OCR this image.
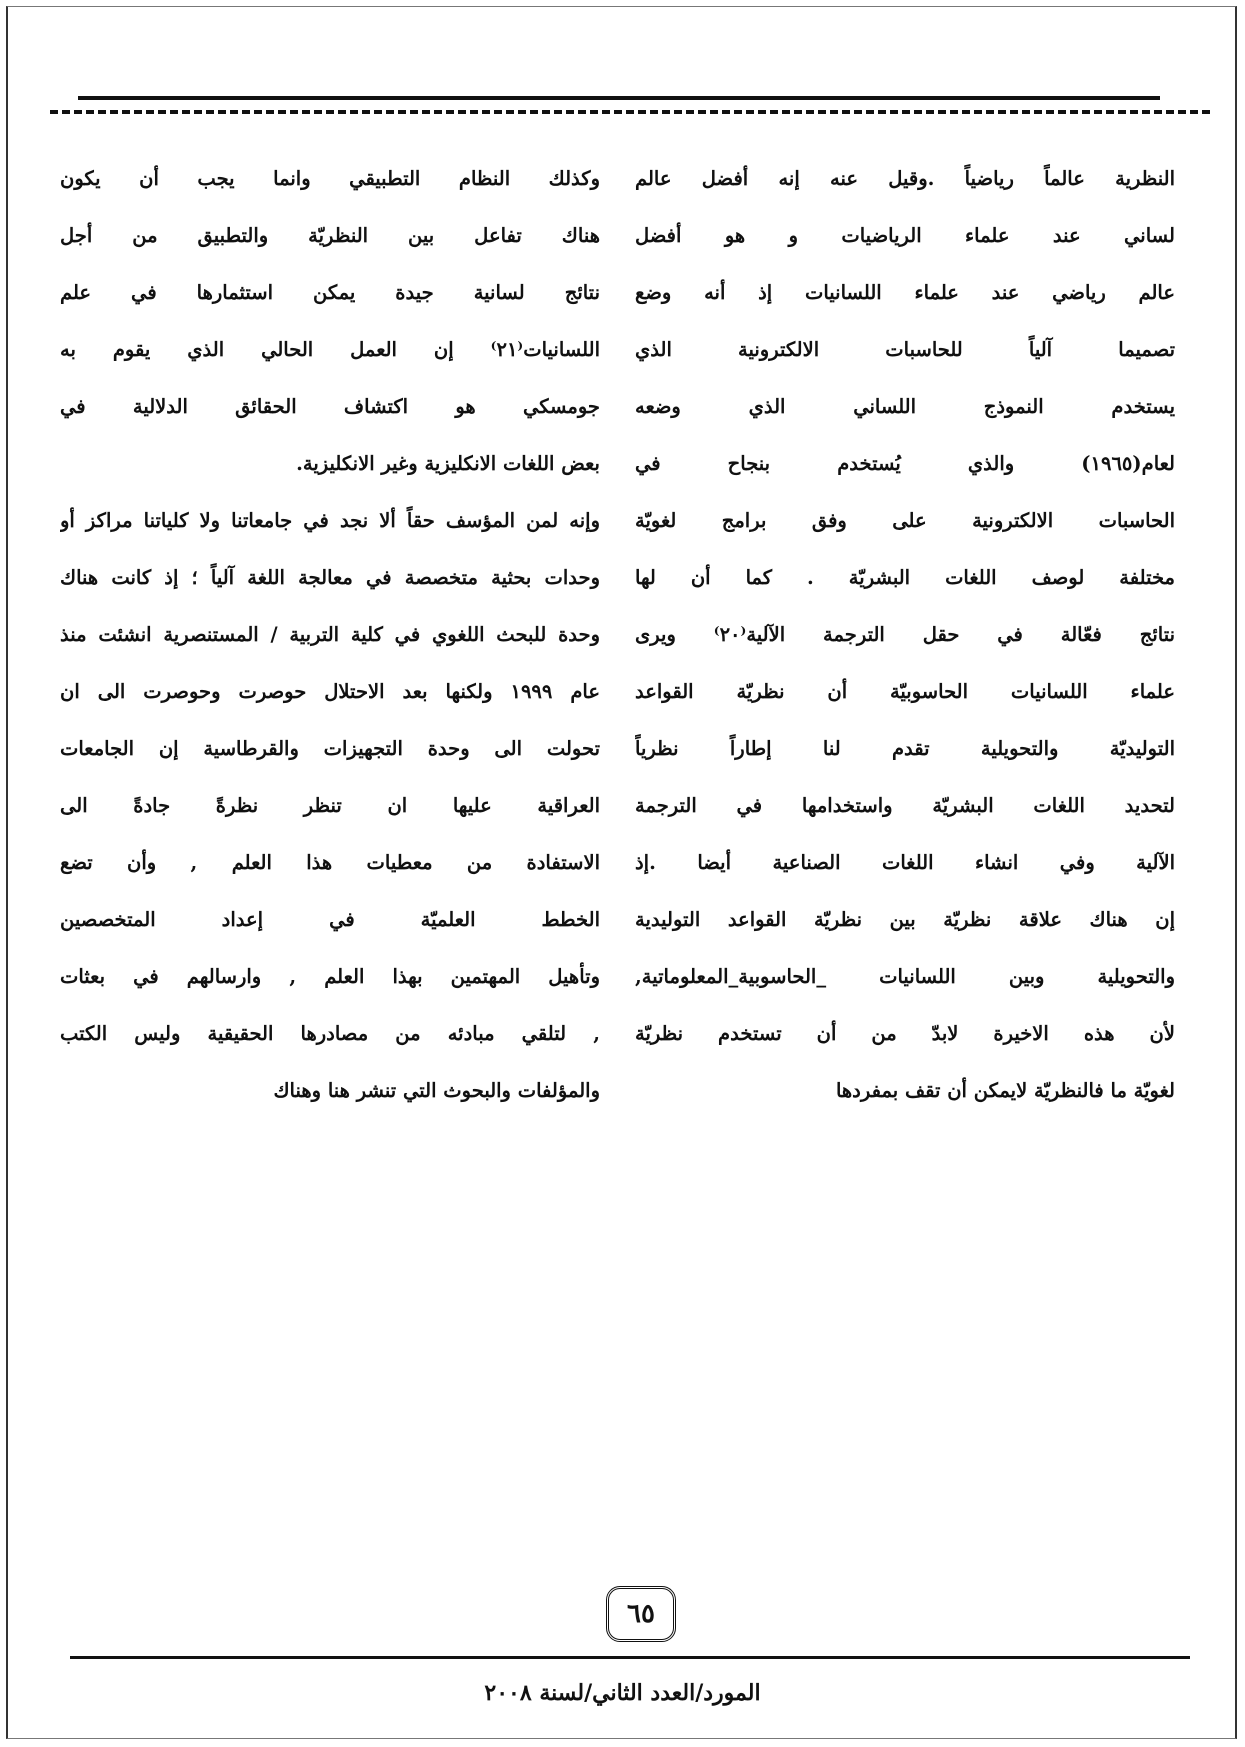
النظرية عالماً رياضياً .وقيل عنه إنه أفضل عالم
لساني عند علماء الرياضيات و هو أفضل
عالم رياضي عند علماء اللسانيات إذ أنه وضع
تصميما آلياً للحاسبات الالكترونية الذي
يستخدم النموذج اللساني الذي وضعه
لعام(١٩٦٥) والذي يُستخدم بنجاح في
الحاسبات الالكترونية على وفق برامج لغويّة
مختلفة لوصف اللغات البشريّة . كما أن لها
نتائج فعّالة في حقل الترجمة الآلية⁽٢٠⁾ ويرى
علماء اللسانيات الحاسوبيّة أن نظريّة القواعد
التوليديّة والتحويلية تقدم لنا إطاراً نظرياً
لتحديد اللغات البشريّة واستخدامها في الترجمة
الآلية وفي انشاء اللغات الصناعية أيضا .إذ
إن هناك علاقة نظريّة بين نظريّة القواعد التوليدية
والتحويلية وبين اللسانيات _الحاسوبية_المعلوماتية,
لأن هذه الاخيرة لابدّ من أن تستخدم نظريّة
لغويّة ما فالنظريّة لايمكن أن تقف بمفردها
وكذلك النظام التطبيقي وانما يجب أن يكون
هناك تفاعل بين النظريّة والتطبيق من أجل
نتائج لسانية جيدة يمكن استثمارها في علم
اللسانيات⁽٢١⁾ إن العمل الحالي الذي يقوم به
جومسكي هو اكتشاف الحقائق الدلالية في
بعض اللغات الانكليزية وغير الانكليزية.
وإنه لمن المؤسف حقاً ألا نجد في جامعاتنا ولا كلياتنا مراكز أو
وحدات بحثية متخصصة في معالجة اللغة آلياً ؛ إذ كانت هناك
وحدة للبحث اللغوي في كلية التربية / المستنصرية انشئت منذ
عام ١٩٩٩ ولكنها بعد الاحتلال حوصرت وحوصرت الى ان
تحولت الى وحدة التجهيزات والقرطاسية إن الجامعات
العراقية عليها ان تنظر نظرةً جادةً الى
الاستفادة من معطيات هذا العلم , وأن تضع
الخطط العلميّة في إعداد المتخصصين
وتأهيل المهتمين بهذا العلم , وارسالهم في بعثات
, لتلقي مبادئه من مصادرها الحقيقية وليس الكتب
والمؤلفات والبحوث التي تنشر هنا وهناك
٦٥
المورد/العدد الثاني/لسنة ٢٠٠٨
